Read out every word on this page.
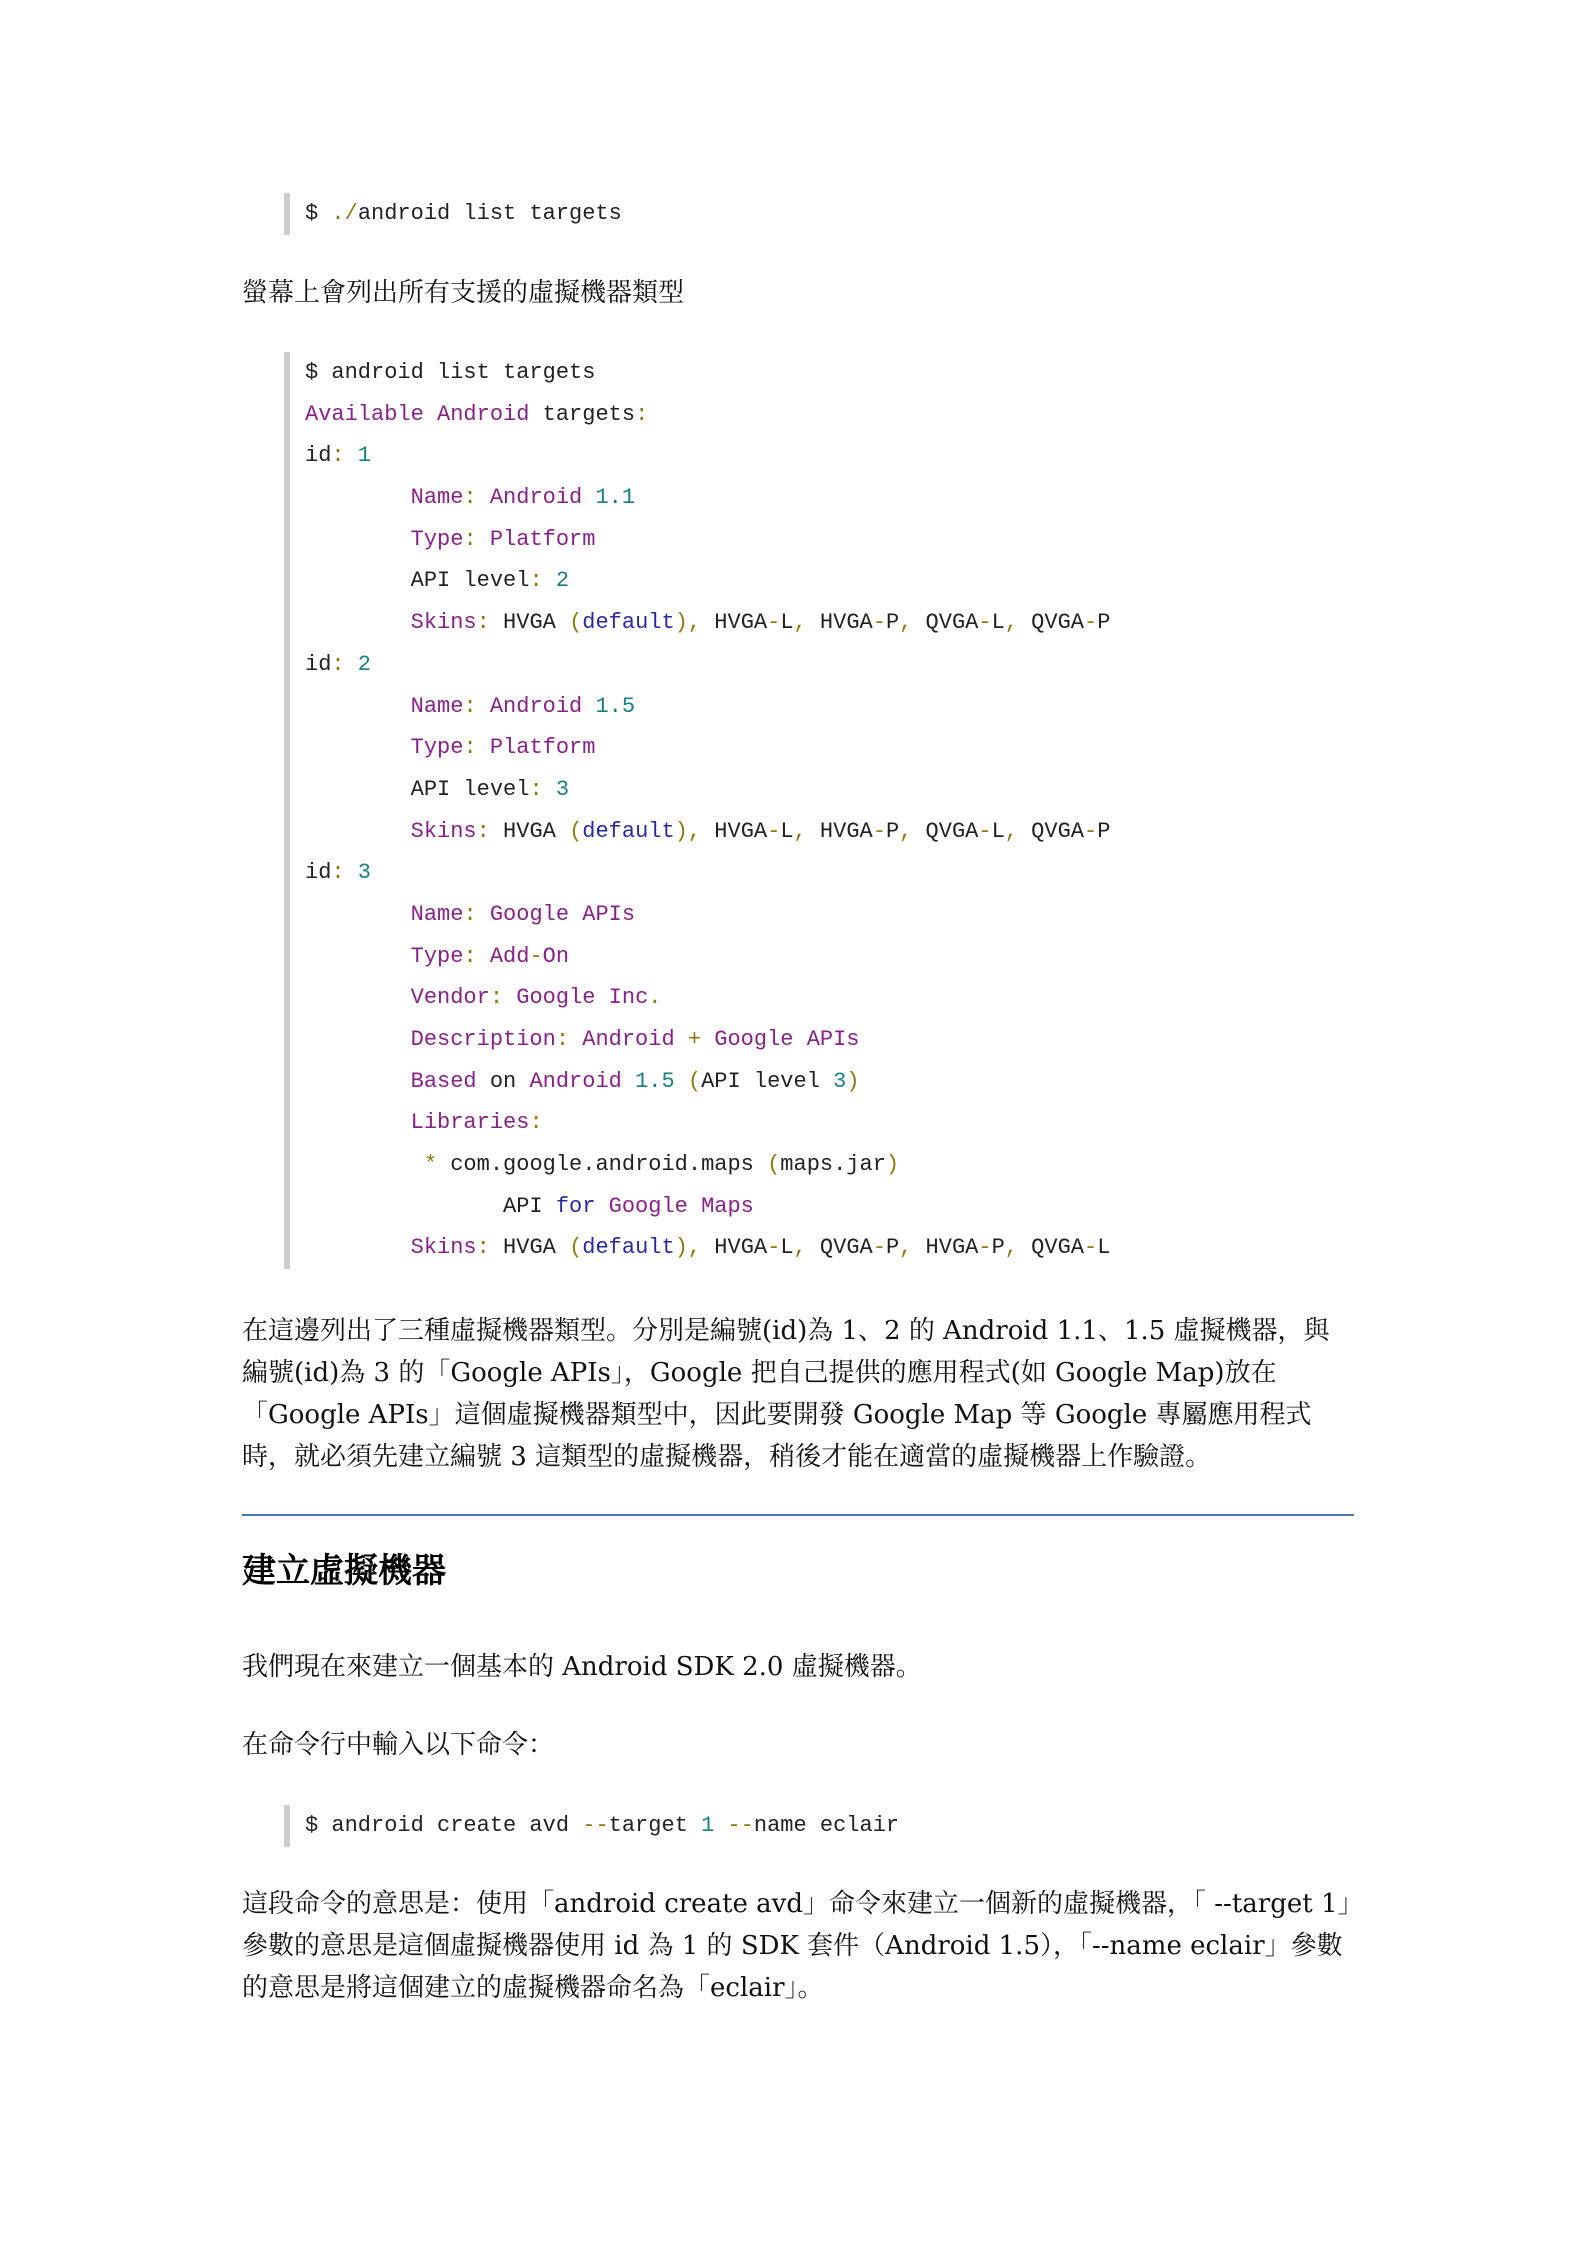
$ ./android list targets
螢幕上會列出所有支援的虛擬機器類型
$ android list targets
Available Android targets:
id: 1
Name: Android 1.1
Type: Platform
API level: 2
Skins: HVGA (default), HVGA-L, HVGA-P, QVGA-L, QVGA-P
id: 2
Name: Android 1.5
Type: Platform
API level: 3
Skins: HVGA (default), HVGA-L, HVGA-P, QVGA-L, QVGA-P
id: 3
Name: Google APIs
Type: Add-On
Vendor: Google Inc.
Description: Android + Google APIs
Based on Android 1.5 (API level 3)
Libraries:
* com.google.android.maps (maps.jar)
API for Google Maps
Skins: HVGA (default), HVGA-L, QVGA-P, HVGA-P, QVGA-L
在這邊列出了三種虛擬機器類型。分別是編號(id)為 1、2 的 Android 1.1、1.5 虛擬機器，與編號(id)為 3 的「Google APIs」，Google 把自己提供的應用程式(如 Google Map)放在「Google APIs」這個虛擬機器類型中，因此要開發 Google Map 等 Google 專屬應用程式時，就必須先建立編號 3 這類型的虛擬機器，稍後才能在適當的虛擬機器上作驗證。
建立虛擬機器
我們現在來建立一個基本的 Android SDK 2.0 虛擬機器。
在命令行中輸入以下命令：
$ android create avd --target 1 --name eclair
這段命令的意思是：使用「android create avd」命令來建立一個新的虛擬機器，「 --target 1」參數的意思是這個虛擬機器使用 id 為 1 的 SDK 套件（Android 1.5），「--name eclair」參數的意思是將這個建立的虛擬機器命名為「eclair」。
